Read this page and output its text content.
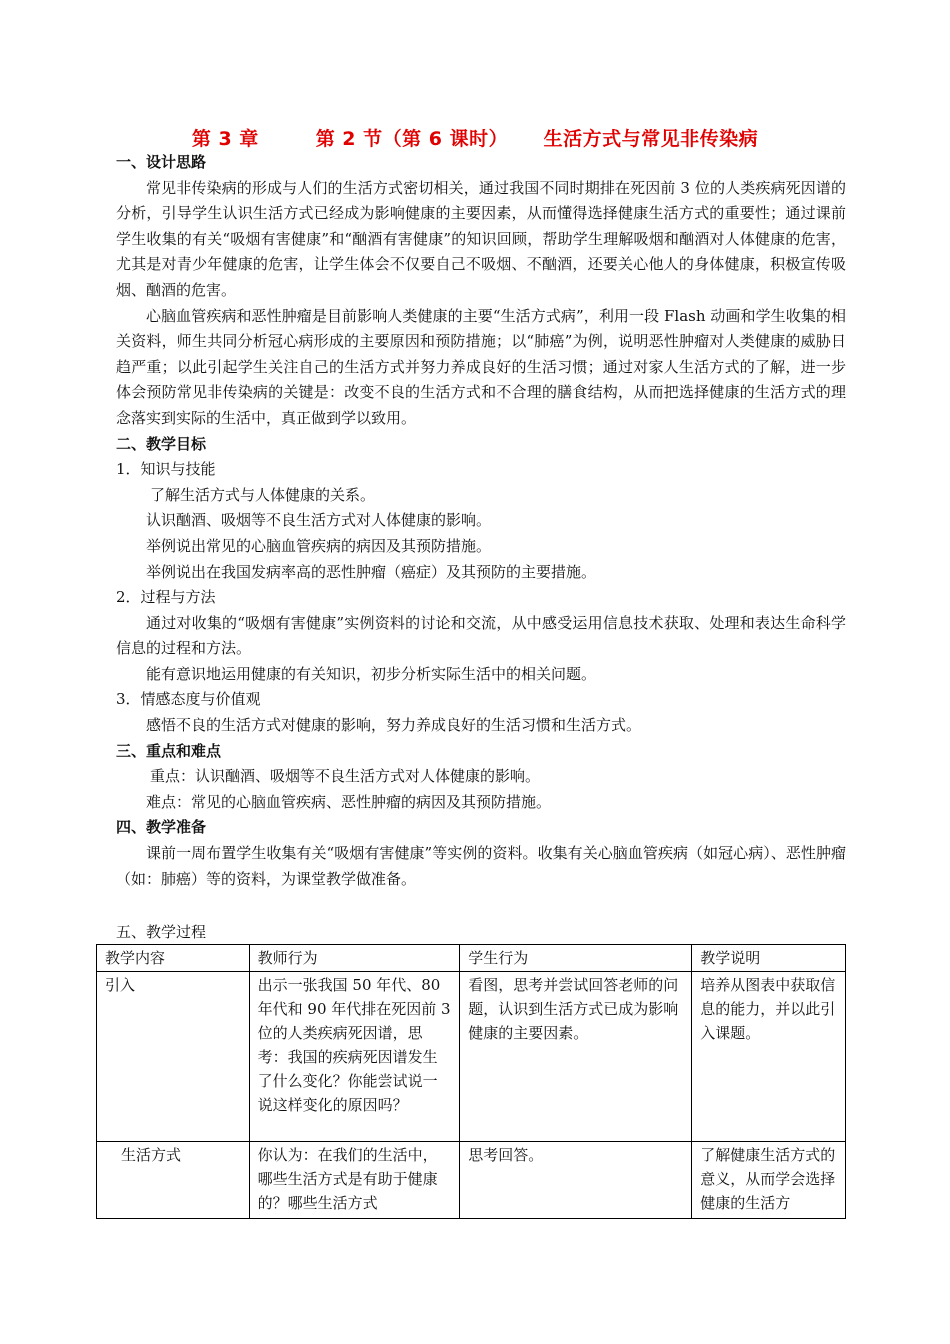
第 3 章        第 2 节（第 6 课时）     生活方式与常见非传染病

一、设计思路

常见非传染病的形成与人们的生活方式密切相关，通过我国不同时期排在死因前 3 位的人类疾病死因谱的分析，引导学生认识生活方式已经成为影响健康的主要因素，从而懂得选择健康生活方式的重要性；通过课前学生收集的有关“吸烟有害健康”和“酗酒有害健康”的知识回顾，帮助学生理解吸烟和酗酒对人体健康的危害，尤其是对青少年健康的危害，让学生体会不仅要自己不吸烟、不酗酒，还要关心他人的身体健康，积极宣传吸烟、酗酒的危害。

心脑血管疾病和恶性肿瘤是目前影响人类健康的主要“生活方式病”，利用一段 Flash 动画和学生收集的相关资料，师生共同分析冠心病形成的主要原因和预防措施；以“肺癌”为例，说明恶性肿瘤对人类健康的威胁日趋严重；以此引起学生关注自己的生活方式并努力养成良好的生活习惯；通过对家人生活方式的了解，进一步体会预防常见非传染病的关键是：改变不良的生活方式和不合理的膳食结构，从而把选择健康的生活方式的理念落实到实际的生活中，真正做到学以致用。

二、教学目标

1．知识与技能

了解生活方式与人体健康的关系。

认识酗酒、吸烟等不良生活方式对人体健康的影响。

举例说出常见的心脑血管疾病的病因及其预防措施。

举例说出在我国发病率高的恶性肿瘤（癌症）及其预防的主要措施。

2．过程与方法

通过对收集的“吸烟有害健康”实例资料的讨论和交流，从中感受运用信息技术获取、处理和表达生命科学信息的过程和方法。

能有意识地运用健康的有关知识，初步分析实际生活中的相关问题。

3．情感态度与价值观

感悟不良的生活方式对健康的影响，努力养成良好的生活习惯和生活方式。

三、重点和难点

重点：认识酗酒、吸烟等不良生活方式对人体健康的影响。

难点：常见的心脑血管疾病、恶性肿瘤的病因及其预防措施。

四、教学准备

课前一周布置学生收集有关“吸烟有害健康”等实例的资料。收集有关心脑血管疾病（如冠心病）、恶性肿瘤（如：肺癌）等的资料，为课堂教学做准备。

五、教学过程
教学内容	教师行为	学生行为	教学说明
引入	出示一张我国 50 年代、80 年代和 90 年代排在死因前 3 位的人类疾病死因谱，思考：我国的疾病死因谱发生了什么变化？你能尝试说一说这样变化的原因吗？	看图，思考并尝试回答老师的问题，认识到生活方式已成为影响健康的主要因素。	培养从图表中获取信息的能力，并以此引入课题。
生活方式	你认为：在我们的生活中，哪些生活方式是有助于健康的？哪些生活方式	思考回答。	了解健康生活方式的意义，从而学会选择健康的生活方
